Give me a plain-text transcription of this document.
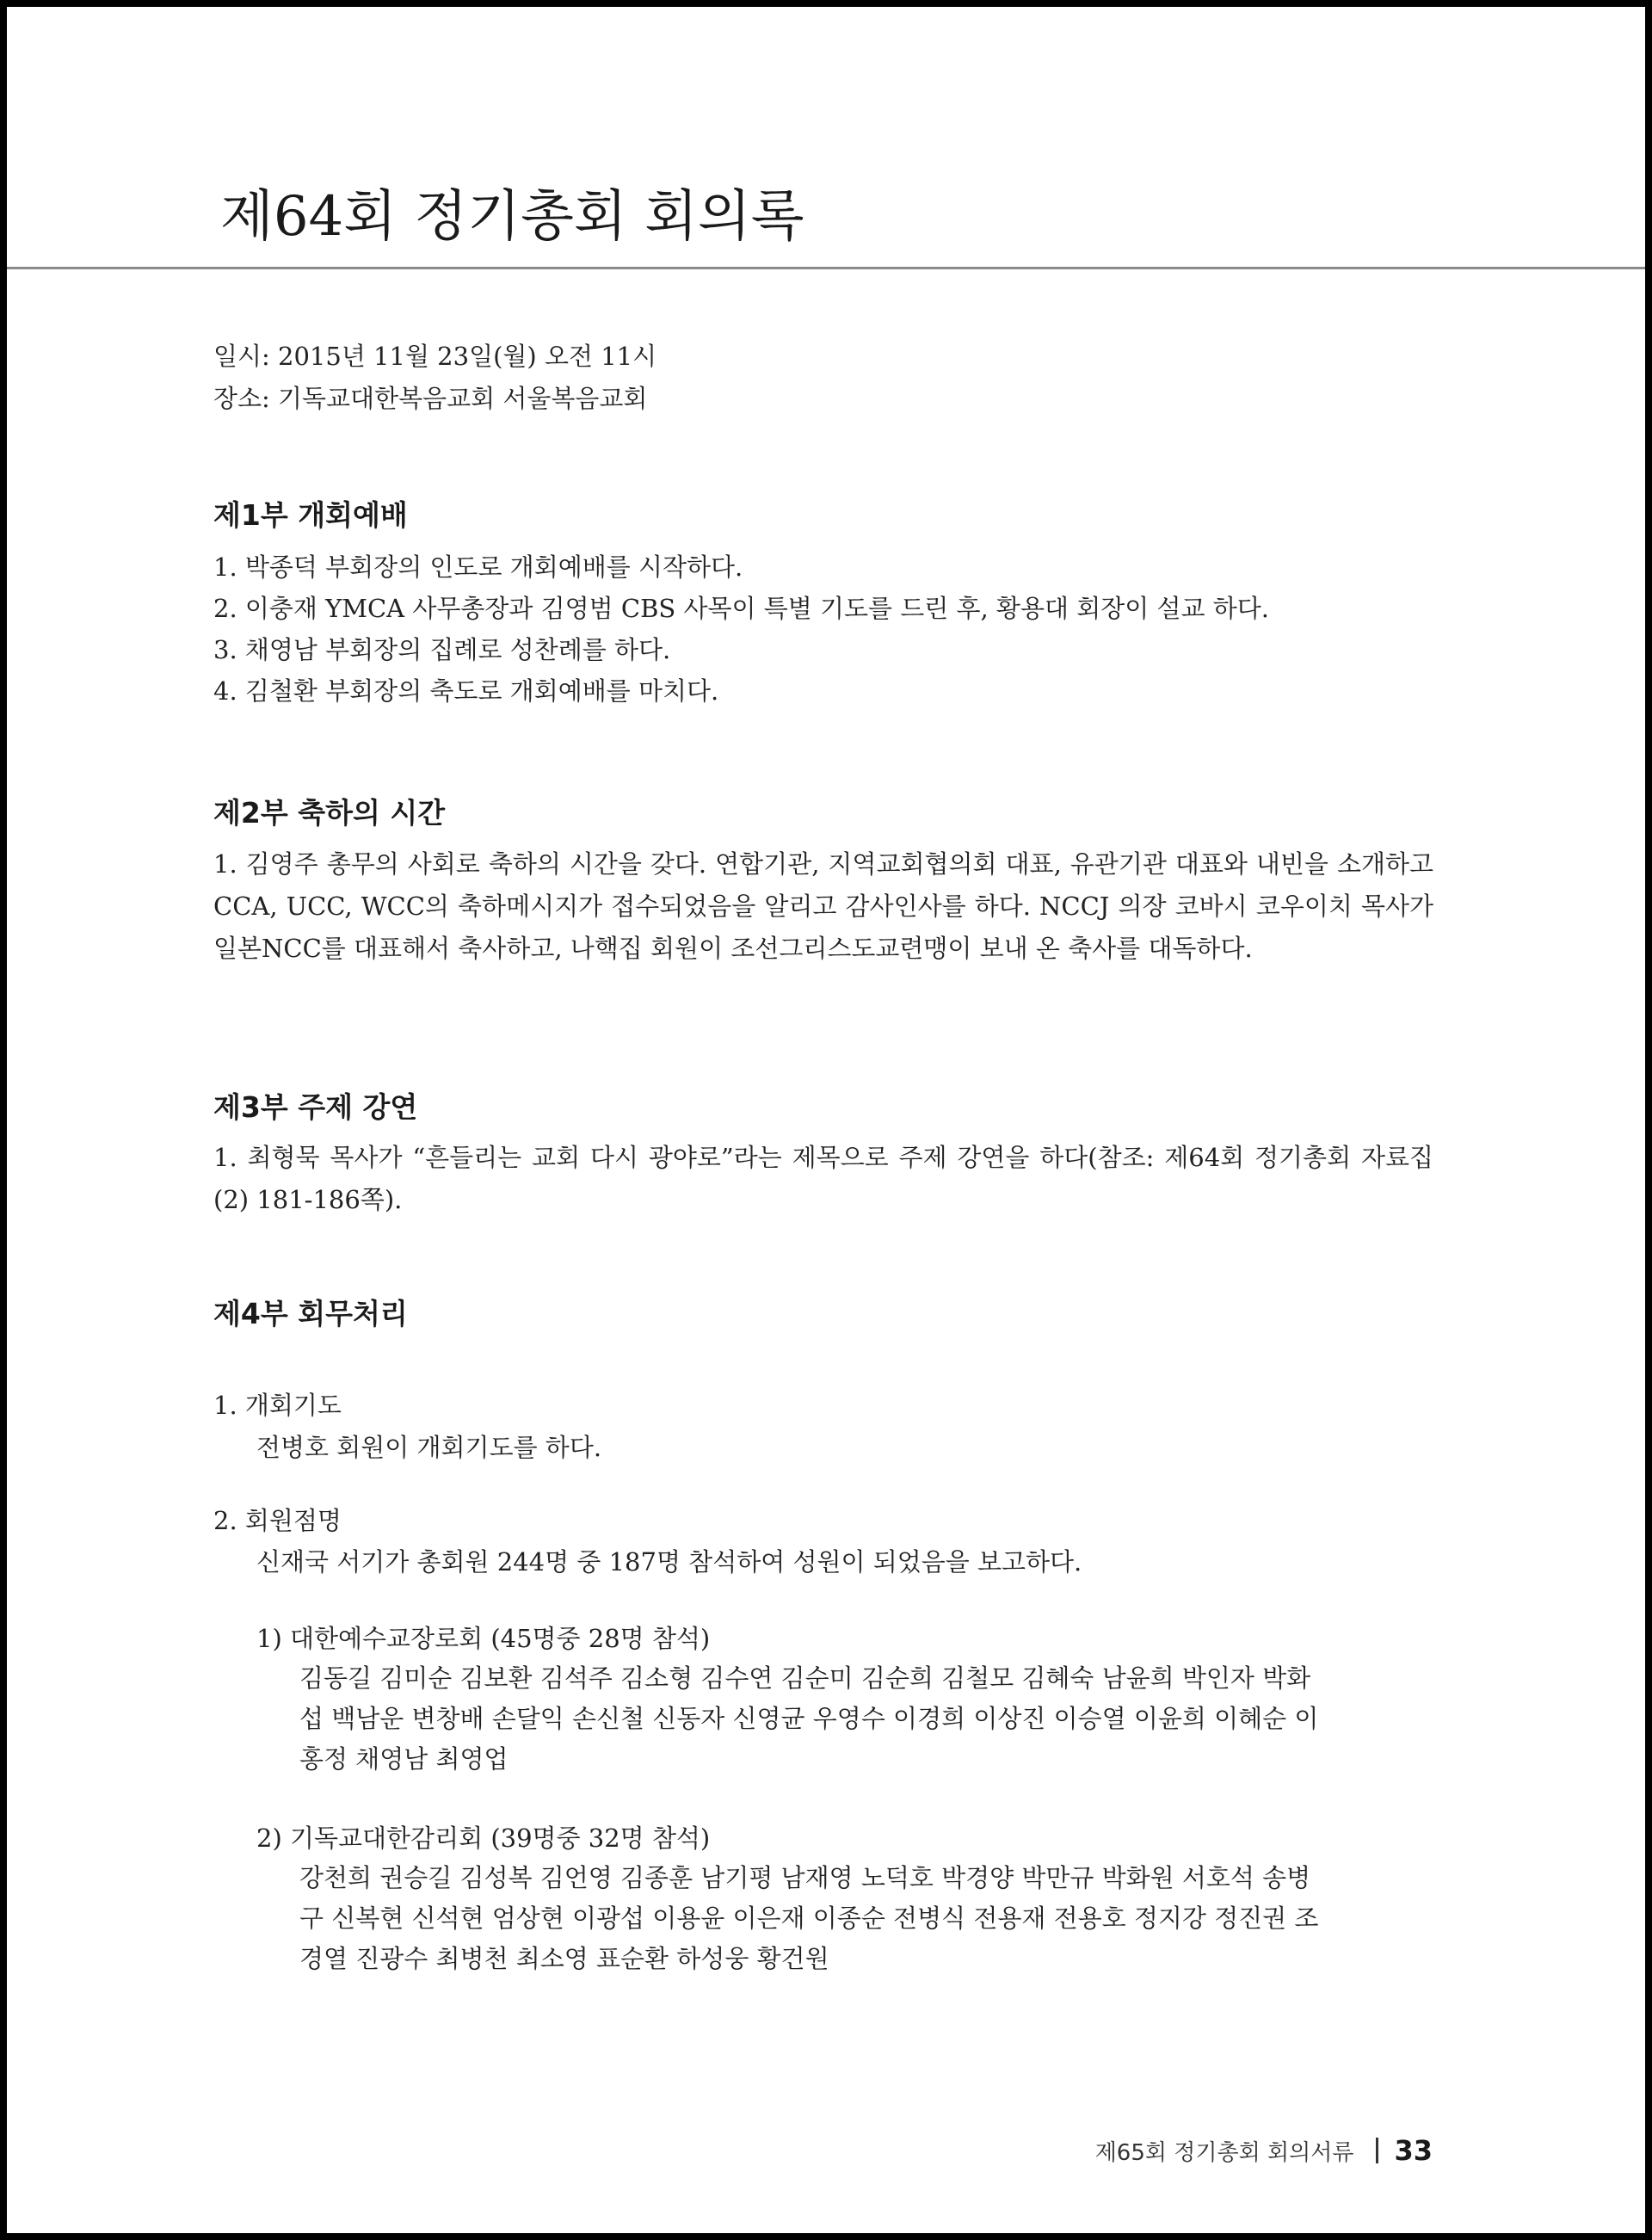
제64회 정기총회 회의록
일시: 2015년 11월 23일(월) 오전 11시
장소: 기독교대한복음교회 서울복음교회
제1부 개회예배
1. 박종덕 부회장의 인도로 개회예배를 시작하다.
2. 이충재 YMCA 사무총장과 김영범 CBS 사목이 특별 기도를 드린 후, 황용대 회장이 설교 하다.
3. 채영남 부회장의 집례로 성찬례를 하다.
4. 김철환 부회장의 축도로 개회예배를 마치다.
제2부 축하의 시간

1. 김영주 총무의 사회로 축하의 시간을 갖다. 연합기관, 지역교회협의회 대표, 유관기관 대표와 내빈을 소개하고 CCA, UCC, WCC의 축하메시지가 접수되었음을 알리고 감사인사를 하다. NCCJ 의장 코바시 코우이치 목사가 일본NCC를 대표해서 축사하고, 나핵집 회원이 조선그리스도교련맹이 보내 온 축사를 대독하다.

제3부 주제 강연

1. 최형묵 목사가 “흔들리는 교회 다시 광야로”라는 제목으로 주제 강연을 하다(참조: 제64회 정기총회 자료집(2) 181-186쪽).

제4부 회무처리
1. 개회기도
전병호 회원이 개회기도를 하다.
2. 회원점명
신재국 서기가 총회원 244명 중 187명 참석하여 성원이 되었음을 보고하다.
1) 대한예수교장로회 (45명중 28명 참석)

김동길 김미순 김보환 김석주 김소형 김수연 김순미 김순희 김철모 김혜숙 남윤희 박인자 박화섭 백남운 변창배 손달익 손신철 신동자 신영균 우영수 이경희 이상진 이승열 이윤희 이혜순 이홍정 채영남 최영업

2) 기독교대한감리회 (39명중 32명 참석)

강천희 권승길 김성복 김언영 김종훈 남기평 남재영 노덕호 박경양 박만규 박화원 서호석 송병구 신복현 신석현 엄상현 이광섭 이용윤 이은재 이종순 전병식 전용재 전용호 정지강 정진권 조경열 진광수 최병천 최소영 표순환 하성웅 황건원

제65회 정기총회 회의서류 33
